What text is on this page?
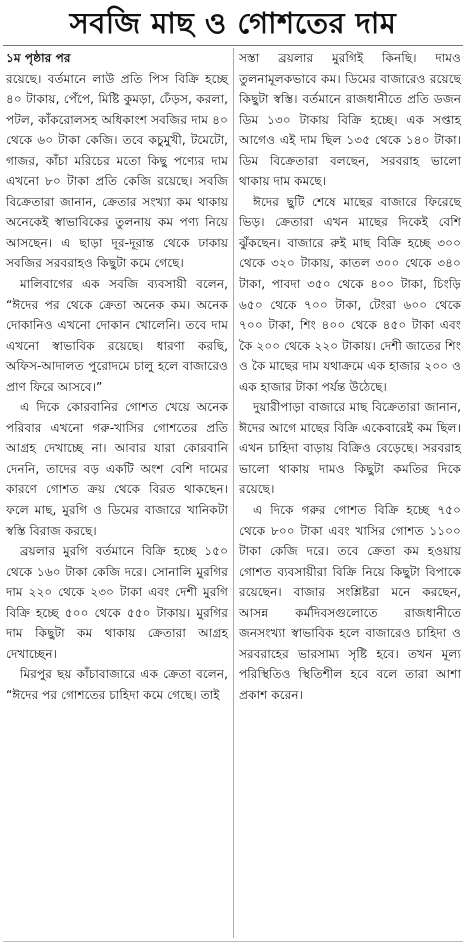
সবজি মাছ ও গোশতের দাম

১ম পৃষ্ঠার পর

রয়েছে। বর্তমানে লাউ প্রতি পিস বিক্রি হচ্ছে ৪০ টাকায়, পেঁপে, মিষ্টি কুমড়া, ঢেঁড়স, করলা, পটল, কাঁকরোলসহ অধিকাংশ সবজির দাম ৪০ থেকে ৬০ টাকা কেজি। তবে কচুমুখী, টমেটো, গাজর, কাঁচা মরিচের মতো কিছু পণ্যের দাম এখনো ৮০ টাকা প্রতি কেজি রয়েছে। সবজি বিক্রেতারা জানান, ক্রেতার সংখ্যা কম থাকায় অনেকেই স্বাভাবিকের তুলনায় কম পণ্য নিয়ে আসছেন। এ ছাড়া দূর-দূরান্ত থেকে ঢাকায় সবজির সরবরাহও কিছুটা কমে গেছে।

মালিবাগের এক সবজি ব্যবসায়ী বলেন, “ঈদের পর থেকে ক্রেতা অনেক কম। অনেক দোকানিও এখনো দোকান খোলেনি। তবে দাম এখনো স্বাভাবিক রয়েছে। ধারণা করছি, অফিস-আদালত পুরোদমে চালু হলে বাজারেও প্রাণ ফিরে আসবে।”

এ দিকে কোরবানির গোশত খেয়ে অনেক পরিবার এখনো গরু-খাসির গোশতের প্রতি আগ্রহ দেখাচ্ছে না। আবার যারা কোরবানি দেননি, তাদের বড় একটি অংশ বেশি দামের কারণে গোশত ক্রয় থেকে বিরত থাকছেন। ফলে মাছ, মুরগি ও ডিমের বাজারে খানিকটা স্বস্তি বিরাজ করছে।

ব্রয়লার মুরগি বর্তমানে বিক্রি হচ্ছে ১৫০ থেকে ১৬০ টাকা কেজি দরে। সোনালি মুরগির দাম ২২০ থেকে ২৩০ টাকা এবং দেশী মুরগি বিক্রি হচ্ছে ৫০০ থেকে ৫৫০ টাকায়। মুরগির দাম কিছুটা কম থাকায় ক্রেতারা আগ্রহ দেখাচ্ছেন।

মিরপুর ছয় কাঁচাবাজারে এক ক্রেতা বলেন, “ঈদের পর গোশতের চাহিদা কমে গেছে। তাই

সস্তা ব্রয়লার মুরগিই কিনছি। দামও তুলনামূলকভাবে কম। ডিমের বাজারেও রয়েছে কিছুটা স্বস্তি। বর্তমানে রাজধানীতে প্রতি ডজন ডিম ১৩০ টাকায় বিক্রি হচ্ছে। এক সপ্তাহ আগেও এই দাম ছিল ১৩৫ থেকে ১৪০ টাকা। ডিম বিক্রেতারা বলছেন, সরবরাহ ভালো থাকায় দাম কমছে।

ঈদের ছুটি শেষে মাছের বাজারে ফিরেছে ভিড়। ক্রেতারা এখন মাছের দিকেই বেশি ঝুঁকছেন। বাজারে রুই মাছ বিক্রি হচ্ছে ৩০০ থেকে ৩২০ টাকায়, কাতল ৩০০ থেকে ৩৪০ টাকা, পাবদা ৩৫০ থেকে ৪০০ টাকা, চিংড়ি ৬৫০ থেকে ৭০০ টাকা, টেংরা ৬০০ থেকে ৭০০ টাকা, শিং ৪০০ থেকে ৪৫০ টাকা এবং কৈ ২০০ থেকে ২২০ টাকায়। দেশী জাতের শিং ও কৈ মাছের দাম যথাক্রমে এক হাজার ২০০ ও এক হাজার টাকা পর্যন্ত উঠেছে।

দুয়ারীপাড়া বাজারে মাছ বিক্রেতারা জানান, ঈদের আগে মাছের বিক্রি একেবারেই কম ছিল। এখন চাহিদা বাড়ায় বিক্রিও বেড়েছে। সরবরাহ ভালো থাকায় দামও কিছুটা কমতির দিকে রয়েছে।

এ দিকে গরুর গোশত বিক্রি হচ্ছে ৭৫০ থেকে ৮০০ টাকা এবং খাসির গোশত ১১০০ টাকা কেজি দরে। তবে ক্রেতা কম হওয়ায় গোশত ব্যবসায়ীরা বিক্রি নিয়ে কিছুটা বিপাকে রয়েছেন। বাজার সংশ্লিষ্টরা মনে করছেন, আসন্ন কর্মদিবসগুলোতে রাজধানীতে জনসংখ্যা স্বাভাবিক হলে বাজারেও চাহিদা ও সরবরাহের ভারসাম্য সৃষ্টি হবে। তখন মূল্য পরিস্থিতিও স্থিতিশীল হবে বলে তারা আশা প্রকাশ করেন।
